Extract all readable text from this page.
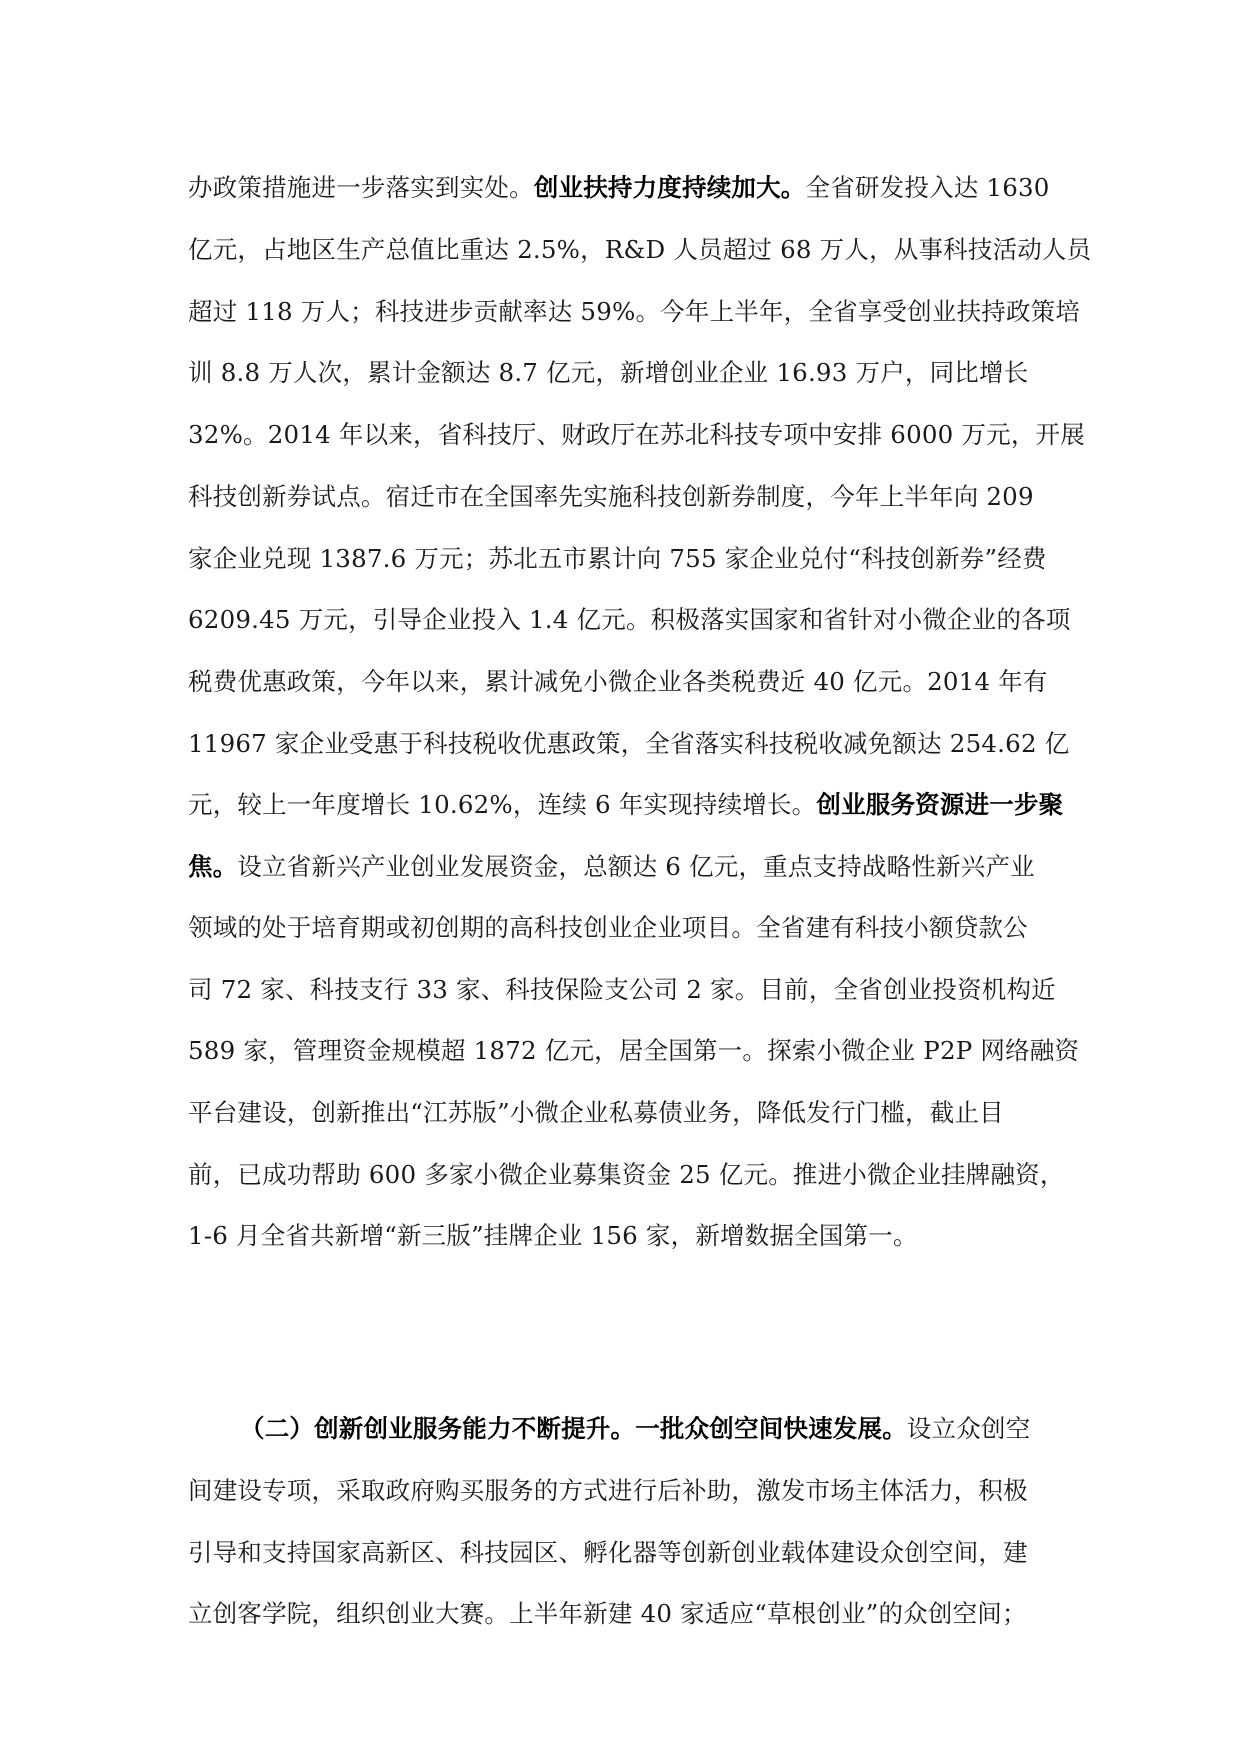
办政策措施进一步落实到实处。创业扶持力度持续加大。全省研发投入达 1630
亿元，占地区生产总值比重达 2.5%，R&D 人员超过 68 万人，从事科技活动人员
超过 118 万人；科技进步贡献率达 59%。今年上半年，全省享受创业扶持政策培
训 8.8 万人次，累计金额达 8.7 亿元，新增创业企业 16.93 万户，同比增长
32%。2014 年以来，省科技厅、财政厅在苏北科技专项中安排 6000 万元，开展
科技创新券试点。宿迁市在全国率先实施科技创新券制度，今年上半年向 209
家企业兑现 1387.6 万元；苏北五市累计向 755 家企业兑付“科技创新券”经费
6209.45 万元，引导企业投入 1.4 亿元。积极落实国家和省针对小微企业的各项
税费优惠政策，今年以来，累计减免小微企业各类税费近 40 亿元。2014 年有
11967 家企业受惠于科技税收优惠政策，全省落实科技税收减免额达 254.62 亿
元，较上一年度增长 10.62%，连续 6 年实现持续增长。创业服务资源进一步聚
焦。设立省新兴产业创业发展资金，总额达 6 亿元，重点支持战略性新兴产业
领域的处于培育期或初创期的高科技创业企业项目。全省建有科技小额贷款公
司 72 家、科技支行 33 家、科技保险支公司 2 家。目前，全省创业投资机构近
589 家，管理资金规模超 1872 亿元，居全国第一。探索小微企业 P2P 网络融资
平台建设，创新推出“江苏版”小微企业私募债业务，降低发行门槛，截止目
前，已成功帮助 600 多家小微企业募集资金 25 亿元。推进小微企业挂牌融资，
1-6 月全省共新增“新三版”挂牌企业 156 家，新增数据全国第一。
（二）创新创业服务能力不断提升。一批众创空间快速发展。设立众创空
间建设专项，采取政府购买服务的方式进行后补助，激发市场主体活力，积极
引导和支持国家高新区、科技园区、孵化器等创新创业载体建设众创空间，建
立创客学院，组织创业大赛。上半年新建 40 家适应“草根创业”的众创空间；
